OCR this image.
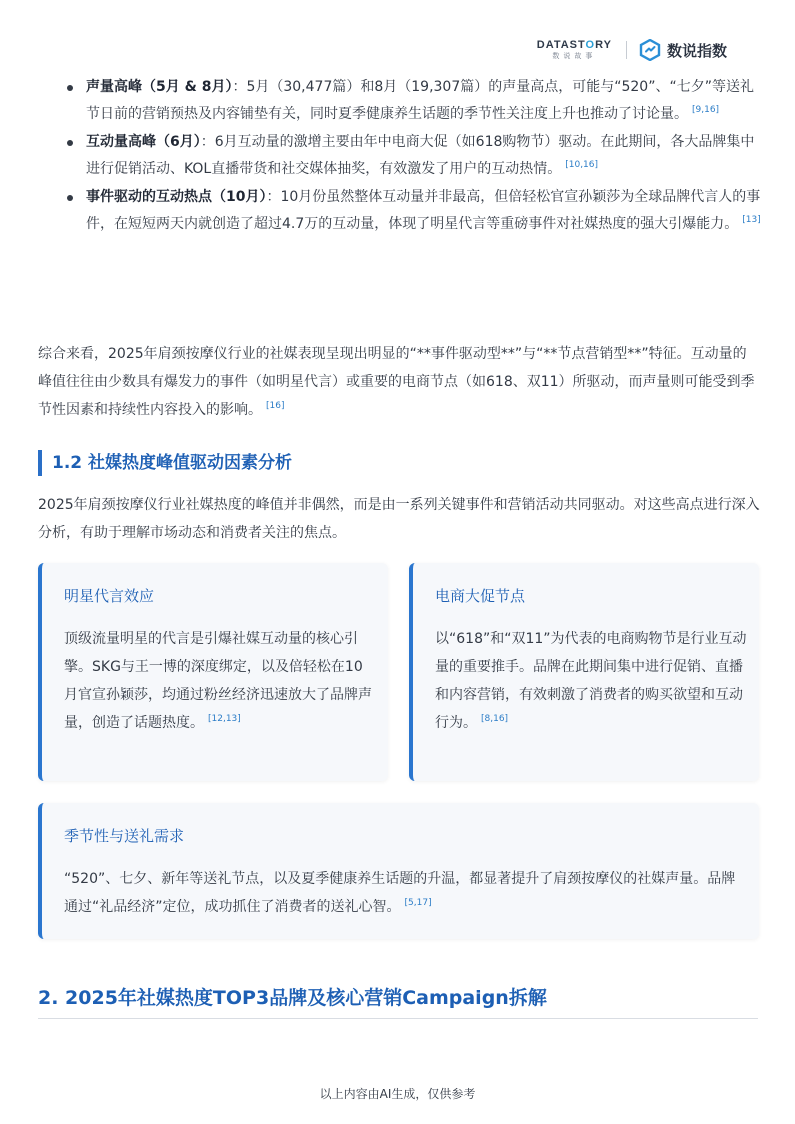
DATASTORY
数说故事	数说指数
声量高峰（5月 & 8月）：5月（30,477篇）和8月（19,307篇）的声量高点，可能与“520”、“七夕”等送礼节日前的营销预热及内容铺垫有关，同时夏季健康养生话题的季节性关注度上升也推动了讨论量。 [9,16]
互动量高峰（6月）：6月互动量的激增主要由年中电商大促（如618购物节）驱动。在此期间，各大品牌集中进行促销活动、KOL直播带货和社交媒体抽奖，有效激发了用户的互动热情。 [10,16]
事件驱动的互动热点（10月）：10月份虽然整体互动量并非最高，但倍轻松官宣孙颖莎为全球品牌代言人的事件，在短短两天内就创造了超过4.7万的互动量，体现了明星代言等重磅事件对社媒热度的强大引爆能力。 [13]

综合来看，2025年肩颈按摩仪行业的社媒表现呈现出明显的“**事件驱动型**”与“**节点营销型**”特征。互动量的峰值往往由少数具有爆发力的事件（如明星代言）或重要的电商节点（如618、双11）所驱动，而声量则可能受到季节性因素和持续性内容投入的影响。 [16]

1.2 社媒热度峰值驱动因素分析

2025年肩颈按摩仪行业社媒热度的峰值并非偶然，而是由一系列关键事件和营销活动共同驱动。对这些高点进行深入分析，有助于理解市场动态和消费者关注的焦点。

明星代言效应

顶级流量明星的代言是引爆社媒互动量的核心引擎。SKG与王一博的深度绑定，以及倍轻松在10月官宣孙颖莎，均通过粉丝经济迅速放大了品牌声量，创造了话题热度。 [12,13]

电商大促节点

以“618”和“双11”为代表的电商购物节是行业互动量的重要推手。品牌在此期间集中进行促销、直播和内容营销，有效刺激了消费者的购买欲望和互动行为。 [8,16]

季节性与送礼需求

“520”、七夕、新年等送礼节点，以及夏季健康养生话题的升温，都显著提升了肩颈按摩仪的社媒声量。品牌通过“礼品经济”定位，成功抓住了消费者的送礼心智。 [5,17]

2. 2025年社媒热度TOP3品牌及核心营销Campaign拆解
以上内容由AI生成，仅供参考
